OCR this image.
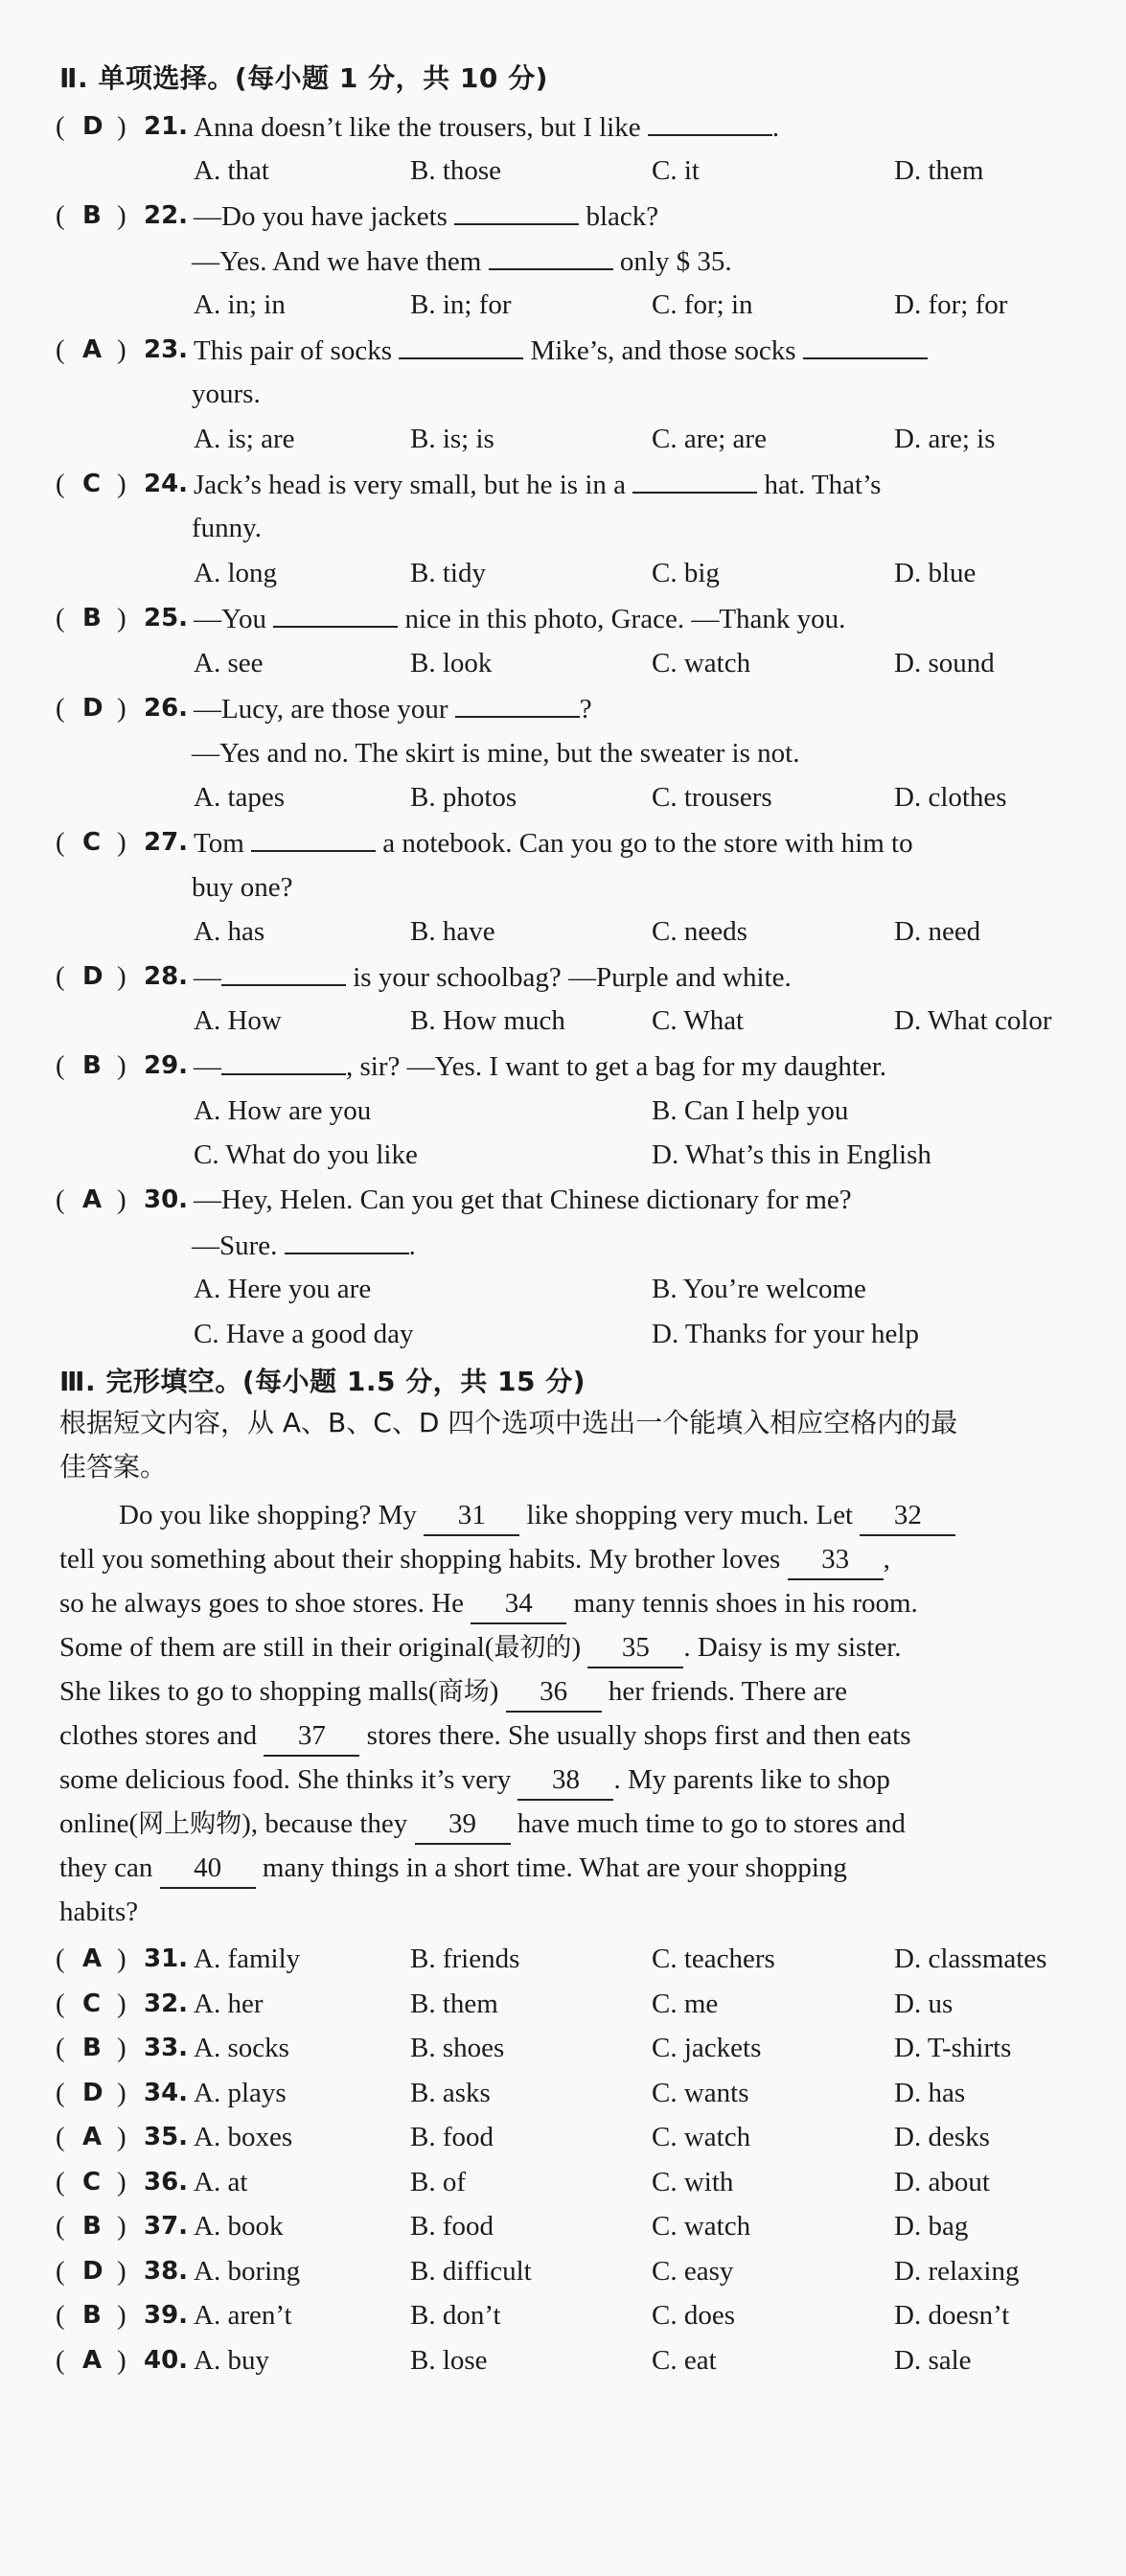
Ⅱ. 单项选择。(每小题 1 分，共 10 分)
( D ) 21. Anna doesn’t like the trousers, but I like	.
A. that	B. those	C. it	D. them
( B ) 22. —Do you have jackets	black?
—Yes. And we have them	only $ 35.
A. in; in	B. in; for	C. for; in	D. for; for
( A ) 23. This pair of socks	Mike’s, and those socks
yours.
A. is; are	B. is; is	C. are; are	D. are; is
( C ) 24. Jack’s head is very small, but he is in a	hat. That’s
funny.
A. long	B. tidy	C. big	D. blue
( B ) 25. —You	nice in this photo, Grace. —Thank you.
A. see	B. look	C. watch	D. sound
( D ) 26. —Lucy, are those your	?
—Yes and no. The skirt is mine, but the sweater is not.
A. tapes	B. photos	C. trousers	D. clothes
( C ) 27. Tom	a notebook. Can you go to the store with him to
buy one?
A. has	B. have	C. needs	D. need
( D ) 28. —	is your schoolbag? —Purple and white.
A. How	B. How much	C. What	D. What color
( B ) 29. —	, sir? —Yes. I want to get a bag for my daughter.
A. How are you	B. Can I help you
C. What do you like	D. What’s this in English
( A ) 30. —Hey, Helen. Can you get that Chinese dictionary for me?
—Sure.	.
A. Here you are	B. You’re welcome
C. Have a good day	D. Thanks for your help
Ⅲ. 完形填空。(每小题 1.5 分，共 15 分)
根据短文内容，从 A、B、C、D 四个选项中选出一个能填入相应空格内的最
佳答案。
Do you like shopping? My 31 like shopping very much. Let 32
tell you something about their shopping habits. My brother loves 33 ,
so he always goes to shoe stores. He 34 many tennis shoes in his room.
Some of them are still in their original(最初的) 35 . Daisy is my sister.
She likes to go to shopping malls(商场) 36 her friends. There are
clothes stores and 37 stores there. She usually shops first and then eats
some delicious food. She thinks it’s very 38 . My parents like to shop
online(网上购物), because they 39 have much time to go to stores and
they can 40 many things in a short time. What are your shopping
habits?
( A ) 31. A. family	B. friends	C. teachers	D. classmates
( C ) 32. A. her	B. them	C. me	D. us
( B ) 33. A. socks	B. shoes	C. jackets	D. T-shirts
( D ) 34. A. plays	B. asks	C. wants	D. has
( A ) 35. A. boxes	B. food	C. watch	D. desks
( C ) 36. A. at	B. of	C. with	D. about
( B ) 37. A. book	B. food	C. watch	D. bag
( D ) 38. A. boring	B. difficult	C. easy	D. relaxing
( B ) 39. A. aren’t	B. don’t	C. does	D. doesn’t
( A ) 40. A. buy	B. lose	C. eat	D. sale
